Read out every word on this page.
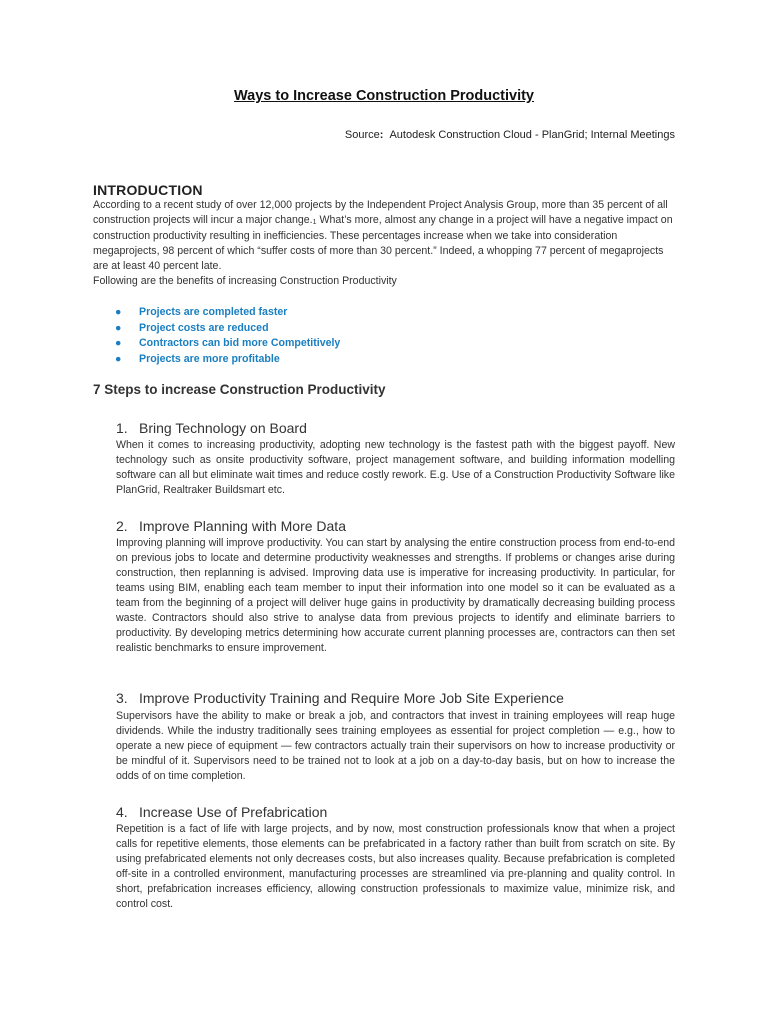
Ways to Increase Construction Productivity
Source: Autodesk Construction Cloud - PlanGrid; Internal Meetings
INTRODUCTION
According to a recent study of over 12,000 projects by the Independent Project Analysis Group, more than 35 percent of all construction projects will incur a major change.1 What’s more, almost any change in a project will have a negative impact on construction productivity resulting in inefficiencies. These percentages increase when we take into consideration megaprojects, 98 percent of which “suffer costs of more than 30 percent.” Indeed, a whopping 77 percent of megaprojects are at least 40 percent late.
Following are the benefits of increasing Construction Productivity
● Projects are completed faster
● Project costs are reduced
● Contractors can bid more Competitively
● Projects are more profitable
7 Steps to increase Construction Productivity
1. Bring Technology on Board
When it comes to increasing productivity, adopting new technology is the fastest path with the biggest payoff. New technology such as onsite productivity software, project management software, and building information modelling software can all but eliminate wait times and reduce costly rework. E.g. Use of a Construction Productivity Software like PlanGrid, Realtraker Buildsmart etc.
2. Improve Planning with More Data
Improving planning will improve productivity. You can start by analysing the entire construction process from end-to-end on previous jobs to locate and determine productivity weaknesses and strengths. If problems or changes arise during construction, then replanning is advised. Improving data use is imperative for increasing productivity. In particular, for teams using BIM, enabling each team member to input their information into one model so it can be evaluated as a team from the beginning of a project will deliver huge gains in productivity by dramatically decreasing building process waste. Contractors should also strive to analyse data from previous projects to identify and eliminate barriers to productivity. By developing metrics determining how accurate current planning processes are, contractors can then set realistic benchmarks to ensure improvement.
3. Improve Productivity Training and Require More Job Site Experience
Supervisors have the ability to make or break a job, and contractors that invest in training employees will reap huge dividends. While the industry traditionally sees training employees as essential for project completion — e.g., how to operate a new piece of equipment — few contractors actually train their supervisors on how to increase productivity or be mindful of it. Supervisors need to be trained not to look at a job on a day-to-day basis, but on how to increase the odds of on time completion.
4. Increase Use of Prefabrication
Repetition is a fact of life with large projects, and by now, most construction professionals know that when a project calls for repetitive elements, those elements can be prefabricated in a factory rather than built from scratch on site. By using prefabricated elements not only decreases costs, but also increases quality. Because prefabrication is completed off-site in a controlled environment, manufacturing processes are streamlined via pre-planning and quality control. In short, prefabrication increases efficiency, allowing construction professionals to maximize value, minimize risk, and control cost.
